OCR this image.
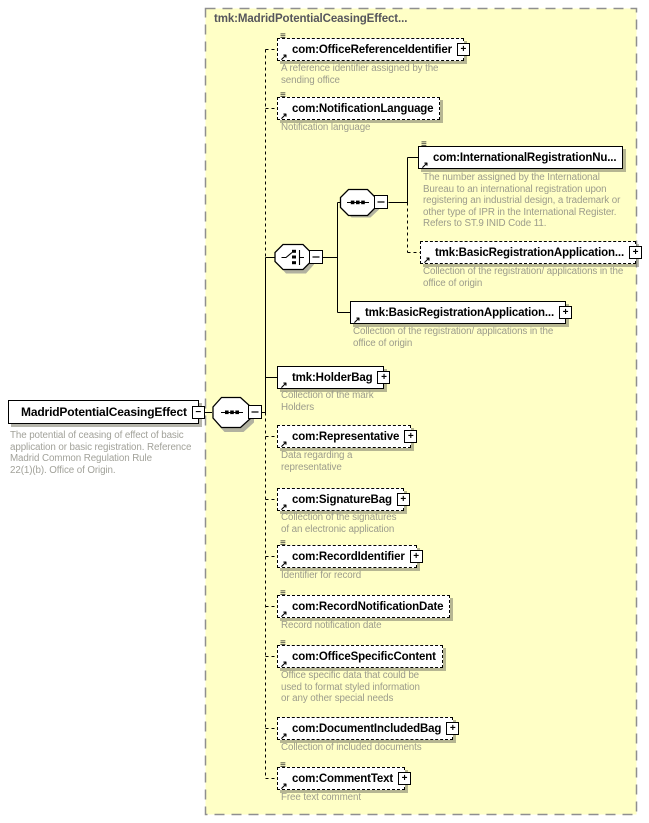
tmk:MadridPotentialCeasingEffect...
MadridPotentialCeasingEffect −
The potential of ceasing of effect of basic
application or basic registration. Reference
Madrid Common Regulation Rule
22(1)(b). Office of Origin.
≡
↗
com:OfficeReferenceIdentifier +
A reference identifier assigned by the
sending office
≡
↗
com:NotificationLanguage
Notification language
≡
↗
com:InternationalRegistrationNu...
The number assigned by the International
Bureau to an international registration upon
registering an industrial design, a trademark or
other type of IPR in the International Register.
Refers to ST.9 INID Code 11.
↗
tmk:BasicRegistrationApplication... +
Collection of the registration/ applications in the
office of origin
↗
tmk:BasicRegistrationApplication... +
Collection of the registration/ applications in the
office of origin
↗
tmk:HolderBag +
Collection of the mark
Holders
↗
com:Representative +
Data regarding a
representative
↗
com:SignatureBag +
Collection of the signatures
of an electronic application
≡
↗
com:RecordIdentifier +
Identifier for record
≡
↗
com:RecordNotificationDate
Record notification date
≡
↗
com:OfficeSpecificContent
Office specific data that could be
used to format styled information
or any other special needs
↗
com:DocumentIncludedBag +
Collection of included documents
≡
↗
com:CommentText +
Free text comment
